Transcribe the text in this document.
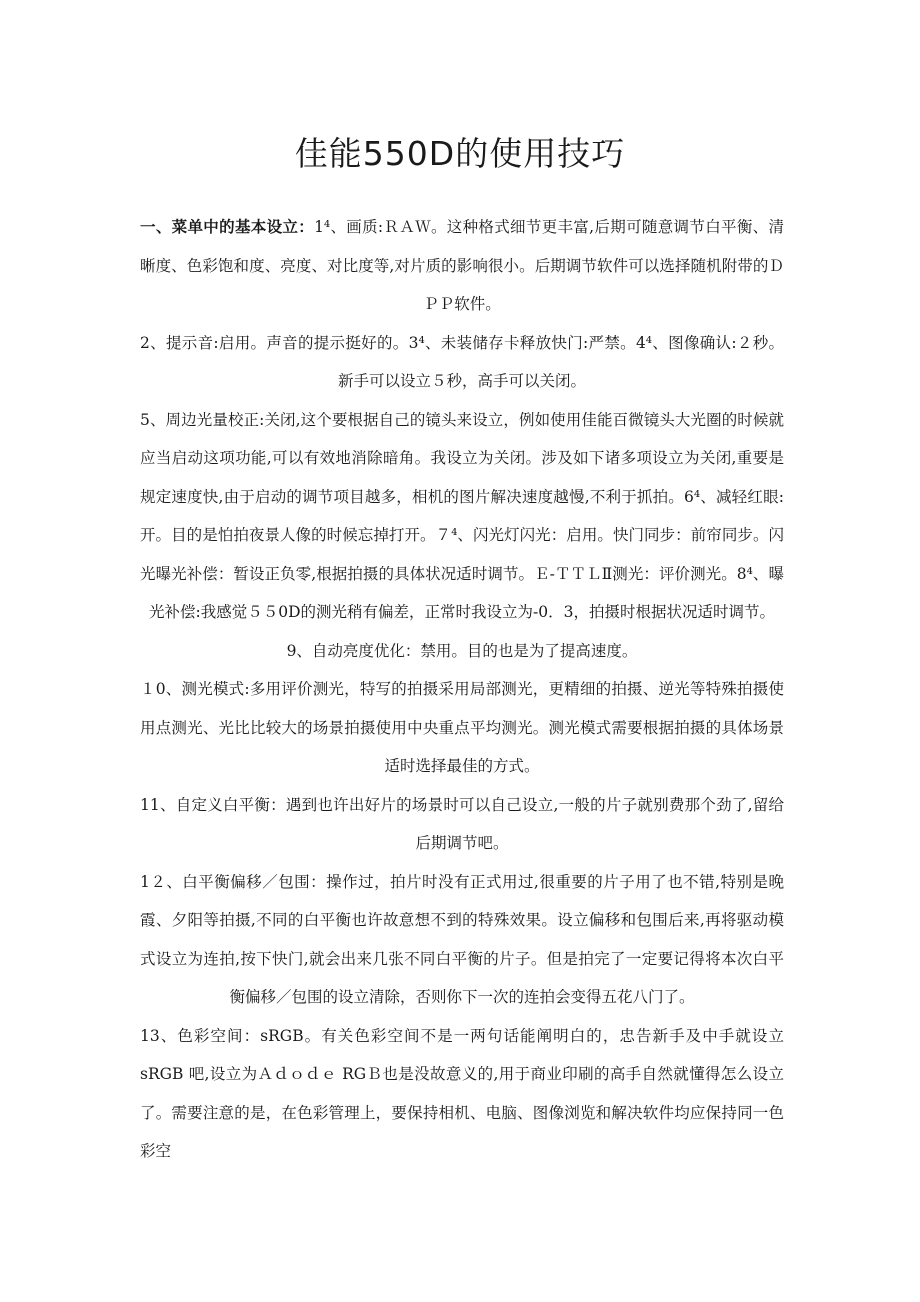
佳能550D的使用技巧

一、菜单中的基本设立：1⁴、画质:ＲＡＷ。这种格式细节更丰富,后期可随意调节白平衡、清晰度、色彩饱和度、亮度、对比度等,对片质的影响很小。后期调节软件可以选择随机附带的ＤＰＰ软件。

2、提示音:启用。声音的提示挺好的。3⁴、未装储存卡释放快门:严禁。4⁴、图像确认:２秒。新手可以设立５秒，高手可以关闭。

5、周边光量校正:关闭,这个要根据自己的镜头来设立，例如使用佳能百微镜头大光圈的时候就应当启动这项功能,可以有效地消除暗角。我设立为关闭。涉及如下诸多项设立为关闭,重要是规定速度快,由于启动的调节项目越多，相机的图片解决速度越慢,不利于抓拍。6⁴、减轻红眼:开。目的是怕拍夜景人像的时候忘掉打开。７⁴、闪光灯闪光：启用。快门同步：前帘同步。闪光曝光补偿：暂设正负零,根据拍摄的具体状况适时调节。Ｅ-ＴＴＬⅡ测光：评价测光。8⁴、曝光补偿:我感觉５５0D的测光稍有偏差，正常时我设立为-0．3，拍摄时根据状况适时调节。

9、自动亮度优化：禁用。目的也是为了提高速度。

１0、测光模式:多用评价测光，特写的拍摄采用局部测光，更精细的拍摄、逆光等特殊拍摄使用点测光、光比比较大的场景拍摄使用中央重点平均测光。测光模式需要根据拍摄的具体场景适时选择最佳的方式。

11、自定义白平衡：遇到也许出好片的场景时可以自己设立,一般的片子就别费那个劲了,留给后期调节吧。

1２、白平衡偏移／包围：操作过，拍片时没有正式用过,很重要的片子用了也不错,特别是晚霞、夕阳等拍摄,不同的白平衡也许故意想不到的特殊效果。设立偏移和包围后来,再将驱动模式设立为连拍,按下快门,就会出来几张不同白平衡的片子。但是拍完了一定要记得将本次白平衡偏移／包围的设立清除，否则你下一次的连拍会变得五花八门了。

13、色彩空间：sRGB。有关色彩空间不是一两句话能阐明白的，忠告新手及中手就设立 sRGB 吧,设立为Ａｄｏｄｅ RGＢ也是没故意义的,用于商业印刷的高手自然就懂得怎么设立了。需要注意的是，在色彩管理上，要保持相机、电脑、图像浏览和解决软件均应保持同一色彩空
